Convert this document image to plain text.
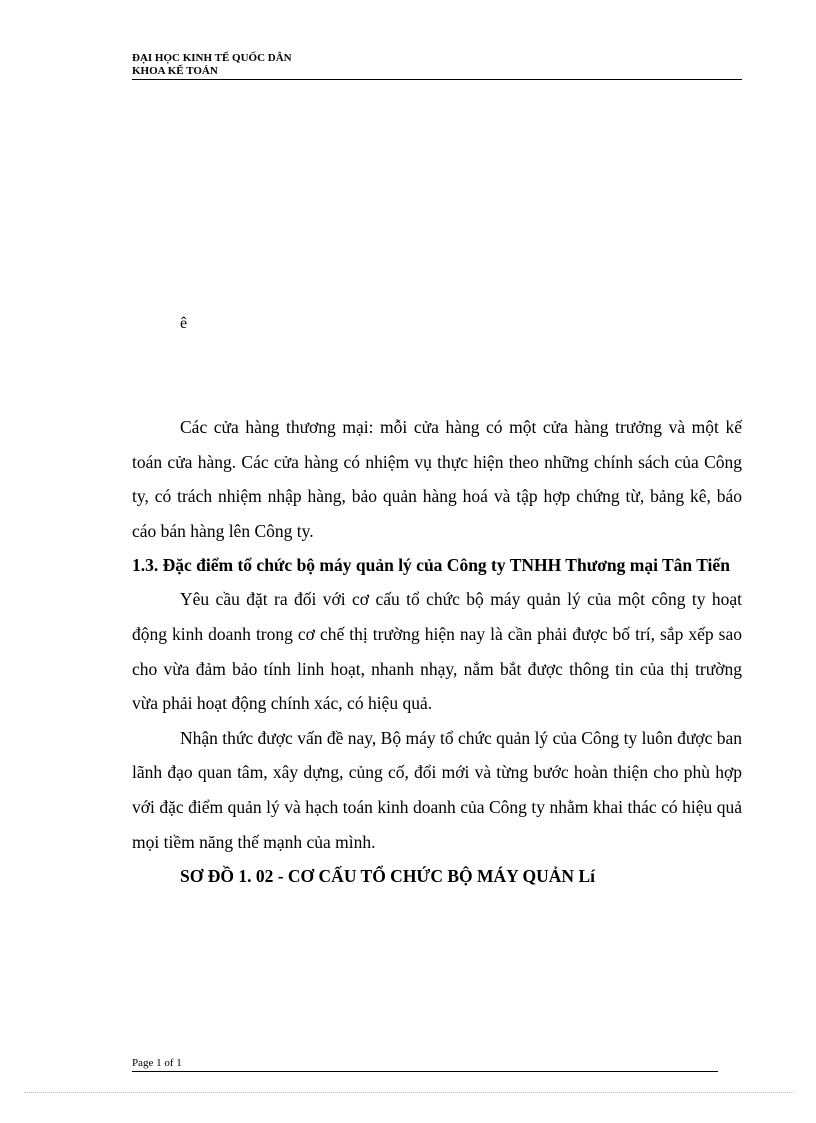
ĐẠI HỌC KINH TẾ QUỐC DÂN
KHOA KẾ TOÁN
ê

Các cửa hàng thương mại: mỗi cửa hàng có một cửa hàng trưởng và một kế toán cửa hàng. Các cửa hàng có nhiệm vụ thực hiện theo những chính sách của Công ty, có trách nhiệm nhập hàng, bảo quản hàng hoá và tập hợp chứng từ, bảng kê, báo cáo bán hàng lên Công ty.

1.3. Đặc điểm tổ chức bộ máy quản lý của Công ty TNHH Thương mại Tân Tiến

Yêu cầu đặt ra đối với cơ cấu tổ chức bộ máy quản lý của một công ty hoạt động kinh doanh trong cơ chế thị trường hiện nay là cần phải được bố trí, sắp xếp sao cho vừa đảm bảo tính linh hoạt, nhanh nhạy, nắm bắt được thông tin của thị trường vừa phải hoạt động chính xác, có hiệu quả.

Nhận thức được vấn đề nay, Bộ máy tổ chức quản lý của Công ty luôn được ban lãnh đạo quan tâm, xây dựng, củng cố, đổi mới và từng bước hoàn thiện cho phù hợp với đặc điểm quản lý và hạch toán kinh doanh của Công ty nhằm khai thác có hiệu quả mọi tiềm năng thế mạnh của mình.

SƠ ĐỒ 1. 02 - CƠ CẤU TỔ CHỨC BỘ MÁY QUẢN Lí

Page 1 of 1
